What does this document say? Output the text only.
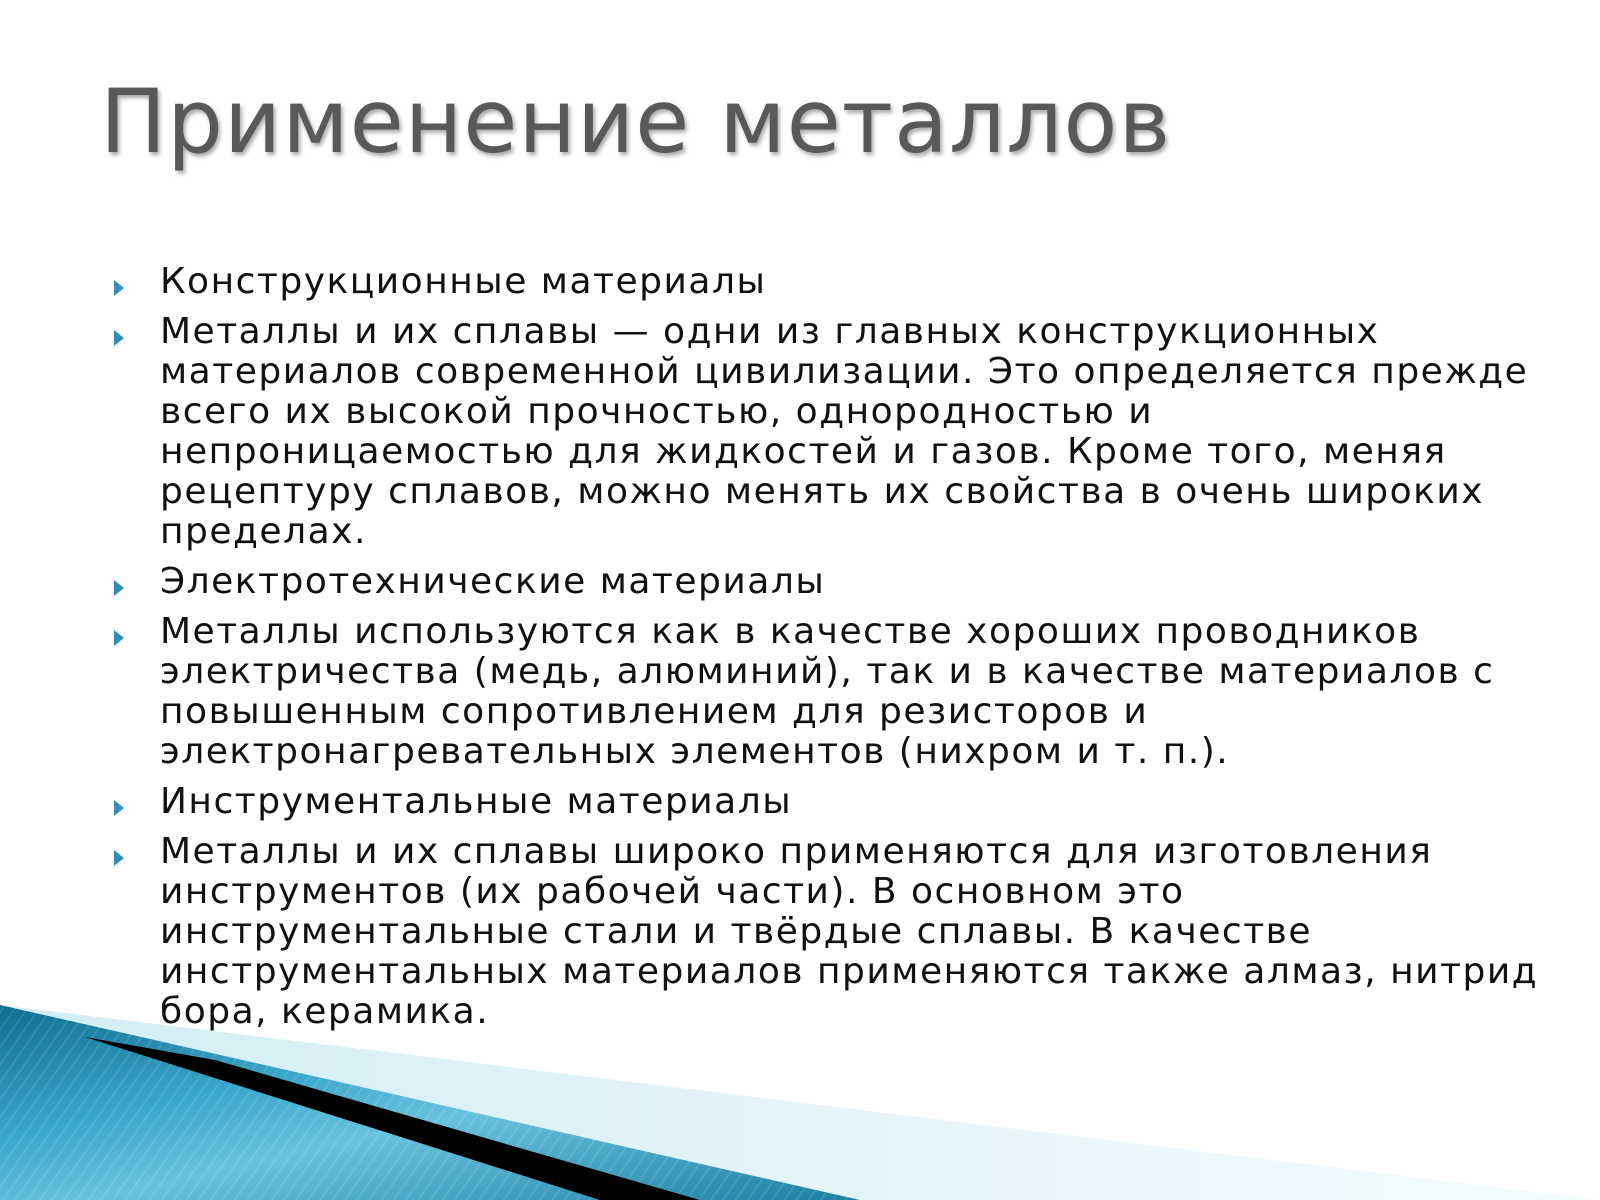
Применение металлов
Конструкционные материалы
Металлы и их сплавы — одни из главных конструкционных материалов современной цивилизации. Это определяется прежде всего их высокой прочностью, однородностью и непроницаемостью для жидкостей и газов. Кроме того, меняя рецептуру сплавов, можно менять их свойства в очень широких пределах.
Электротехнические материалы
Металлы используются как в качестве хороших проводников электричества (медь, алюминий), так и в качестве материалов с повышенным сопротивлением для резисторов и электронагревательных элементов (нихром и т. п.).
Инструментальные материалы
Металлы и их сплавы широко применяются для изготовления инструментов (их рабочей части). В основном это инструментальные стали и твёрдые сплавы. В качестве инструментальных материалов применяются также алмаз, нитрид бора, керамика.
